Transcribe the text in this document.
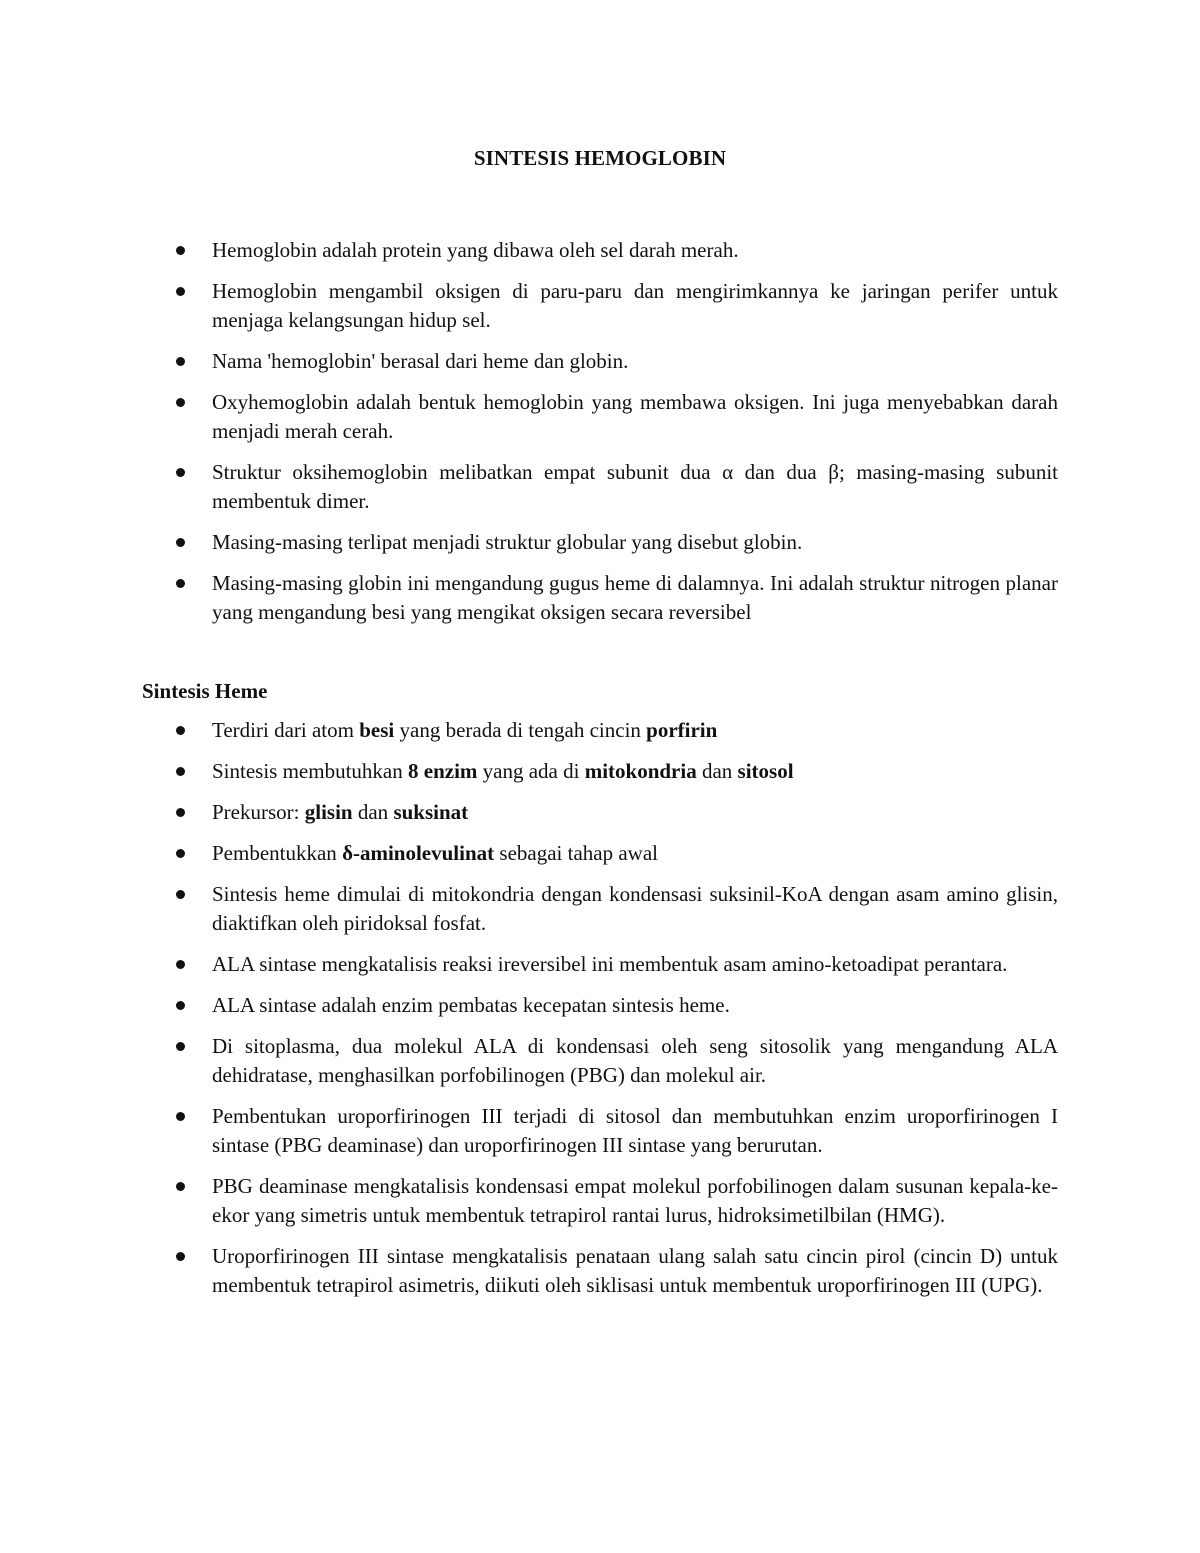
SINTESIS HEMOGLOBIN
Hemoglobin adalah protein yang dibawa oleh sel darah merah.
Hemoglobin mengambil oksigen di paru-paru dan mengirimkannya ke jaringan perifer untuk menjaga kelangsungan hidup sel.
Nama 'hemoglobin' berasal dari heme dan globin.
Oxyhemoglobin adalah bentuk hemoglobin yang membawa oksigen. Ini juga menyebabkan darah menjadi merah cerah.
Struktur oksihemoglobin melibatkan empat subunit dua α dan dua β; masing-masing subunit membentuk dimer.
Masing-masing terlipat menjadi struktur globular yang disebut globin.
Masing-masing globin ini mengandung gugus heme di dalamnya. Ini adalah struktur nitrogen planar yang mengandung besi yang mengikat oksigen secara reversibel
Sintesis Heme
Terdiri dari atom besi yang berada di tengah cincin porfirin
Sintesis membutuhkan 8 enzim yang ada di mitokondria dan sitosol
Prekursor: glisin dan suksinat
Pembentukkan δ-aminolevulinat sebagai tahap awal
Sintesis heme dimulai di mitokondria dengan kondensasi suksinil-KoA dengan asam amino glisin, diaktifkan oleh piridoksal fosfat.
ALA sintase mengkatalisis reaksi ireversibel ini membentuk asam amino-ketoadipat perantara.
ALA sintase adalah enzim pembatas kecepatan sintesis heme.
Di sitoplasma, dua molekul ALA di kondensasi oleh seng sitosolik yang mengandung ALA dehidratase, menghasilkan porfobilinogen (PBG) dan molekul air.
Pembentukan uroporfirinogen III terjadi di sitosol dan membutuhkan enzim uroporfirinogen I sintase (PBG deaminase) dan uroporfirinogen III sintase yang berurutan.
PBG deaminase mengkatalisis kondensasi empat molekul porfobilinogen dalam susunan kepala-ke-ekor yang simetris untuk membentuk tetrapirol rantai lurus, hidroksimetilbilan (HMG).
Uroporfirinogen III sintase mengkatalisis penataan ulang salah satu cincin pirol (cincin D) untuk membentuk tetrapirol asimetris, diikuti oleh siklisasi untuk membentuk uroporfirinogen III (UPG).
